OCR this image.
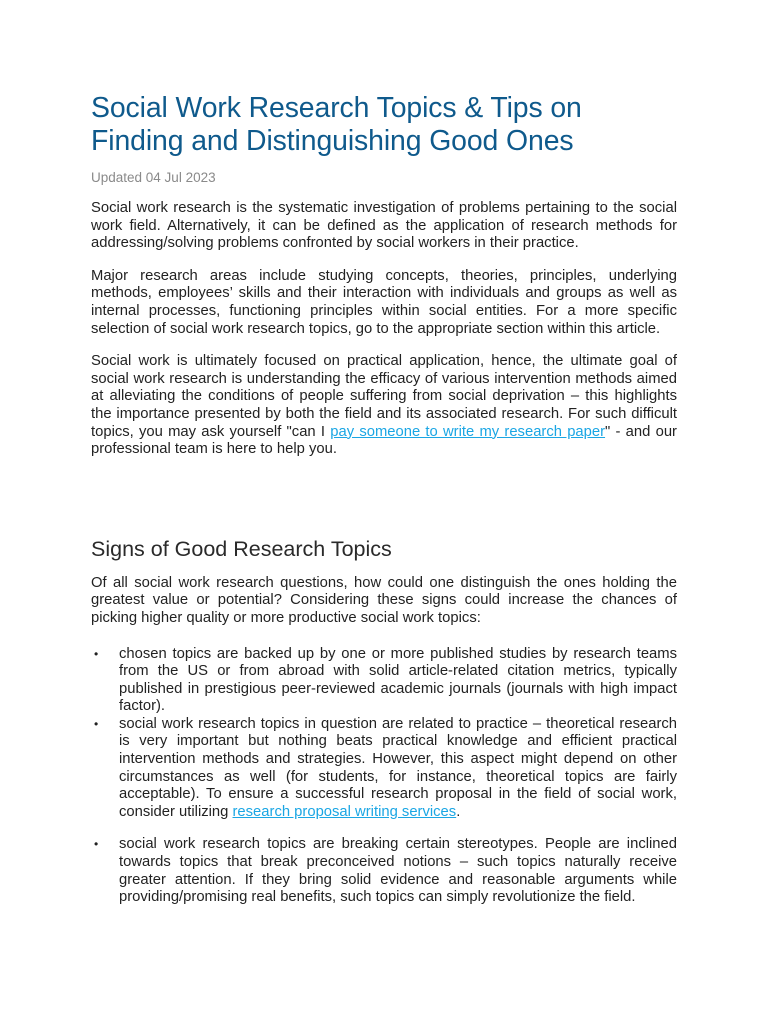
Social Work Research Topics & Tips on Finding and Distinguishing Good Ones
Updated 04 Jul 2023

Social work research is the systematic investigation of problems pertaining to the social work field. Alternatively, it can be defined as the application of research methods for addressing/solving problems confronted by social workers in their practice.

Major research areas include studying concepts, theories, principles, underlying methods, employees’ skills and their interaction with individuals and groups as well as internal processes, functioning principles within social entities. For a more specific selection of social work research topics, go to the appropriate section within this article.

Social work is ultimately focused on practical application, hence, the ultimate goal of social work research is understanding the efficacy of various intervention methods aimed at alleviating the conditions of people suffering from social deprivation – this highlights the importance presented by both the field and its associated research. For such difficult topics, you may ask yourself "can I pay someone to write my research paper" - and our professional team is here to help you.

Signs of Good Research Topics

Of all social work research questions, how could one distinguish the ones holding the greatest value or potential? Considering these signs could increase the chances of picking higher quality or more productive social work topics:

• chosen topics are backed up by one or more published studies by research teams from the US or from abroad with solid article-related citation metrics, typically published in prestigious peer-reviewed academic journals (journals with high impact factor).
• social work research topics in question are related to practice – theoretical research is very important but nothing beats practical knowledge and efficient practical intervention methods and strategies. However, this aspect might depend on other circumstances as well (for students, for instance, theoretical topics are fairly acceptable). To ensure a successful research proposal in the field of social work, consider utilizing research proposal writing services.
• social work research topics are breaking certain stereotypes. People are inclined towards topics that break preconceived notions – such topics naturally receive greater attention. If they bring solid evidence and reasonable arguments while providing/promising real benefits, such topics can simply revolutionize the field.
